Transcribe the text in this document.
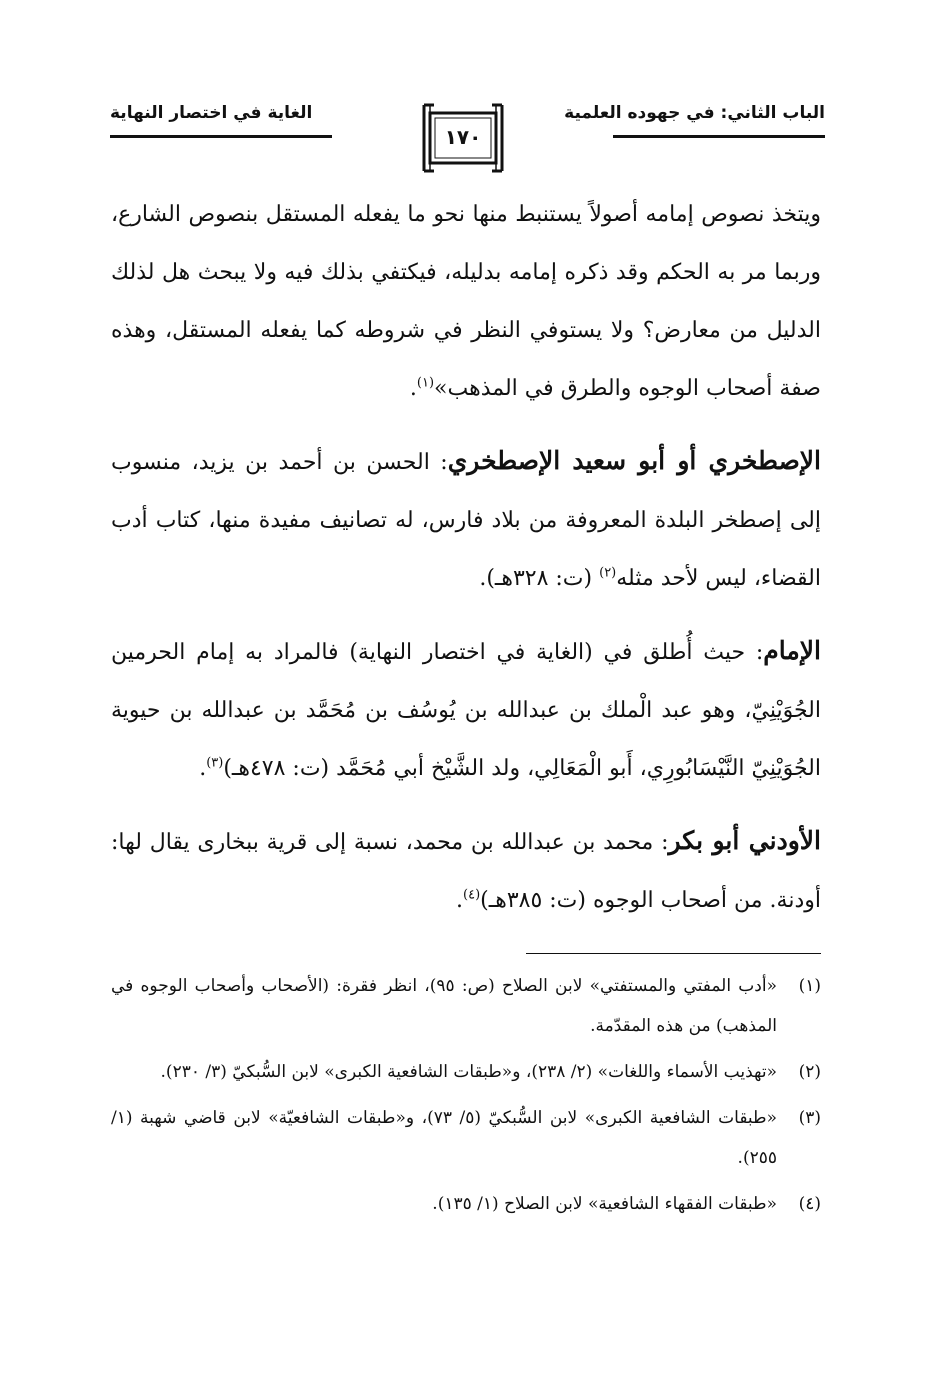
الباب الثاني: في جهوده العلمية
١٧٠
الغاية في اختصار النهاية

ويتخذ نصوص إمامه أصولاً يستنبط منها نحو ما يفعله المستقل بنصوص الشارع، وربما مر به الحكم وقد ذكره إمامه بدليله، فيكتفي بذلك فيه ولا يبحث هل لذلك الدليل من معارض؟ ولا يستوفي النظر في شروطه كما يفعله المستقل، وهذه صفة أصحاب الوجوه والطرق في المذهب»$^{(١)}$.

الإصطخري أو أبو سعيد الإصطخري: الحسن بن أحمد بن يزيد، منسوب إلى إصطخر البلدة المعروفة من بلاد فارس، له تصانيف مفيدة منها، كتاب أدب القضاء، ليس لأحد مثله$^{(٢)}$ (ت: ٣٢٨هـ).

الإمام: حيث أُطلق في (الغاية في اختصار النهاية) فالمراد به إمام الحرمين الجُوَيْنِيّ، وهو عبد الْملك بن عبدالله بن يُوسُف بن مُحَمَّد بن عبدالله بن حيوية الجُوَيْنِيّ النَّيْسَابُورِي، أَبو الْمَعَالِي، ولد الشَّيْخ أبي مُحَمَّد (ت: ٤٧٨هـ)$^{(٣)}$.

الأودني أبو بكر: محمد بن عبدالله بن محمد، نسبة إلى قرية ببخارى يقال لها: أودنة. من أصحاب الوجوه (ت: ٣٨٥هـ)$^{(٤)}$.

(١)
«أدب المفتي والمستفتي» لابن الصلاح (ص: ٩٥)، انظر فقرة: (الأصحاب وأصحاب الوجوه في المذهب) من هذه المقدّمة.
(٢)
«تهذيب الأسماء واللغات» (٢/ ٢٣٨)، و«طبقات الشافعية الكبرى» لابن السُّبكيّ (٣/ ٢٣٠).
(٣)
«طبقات الشافعية الكبرى» لابن السُّبكيّ (٥/ ٧٣)، و«طبقات الشافعيّة» لابن قاضي شهبة (١/ ٢٥٥).
(٤)
«طبقات الفقهاء الشافعية» لابن الصلاح (١/ ١٣٥).
